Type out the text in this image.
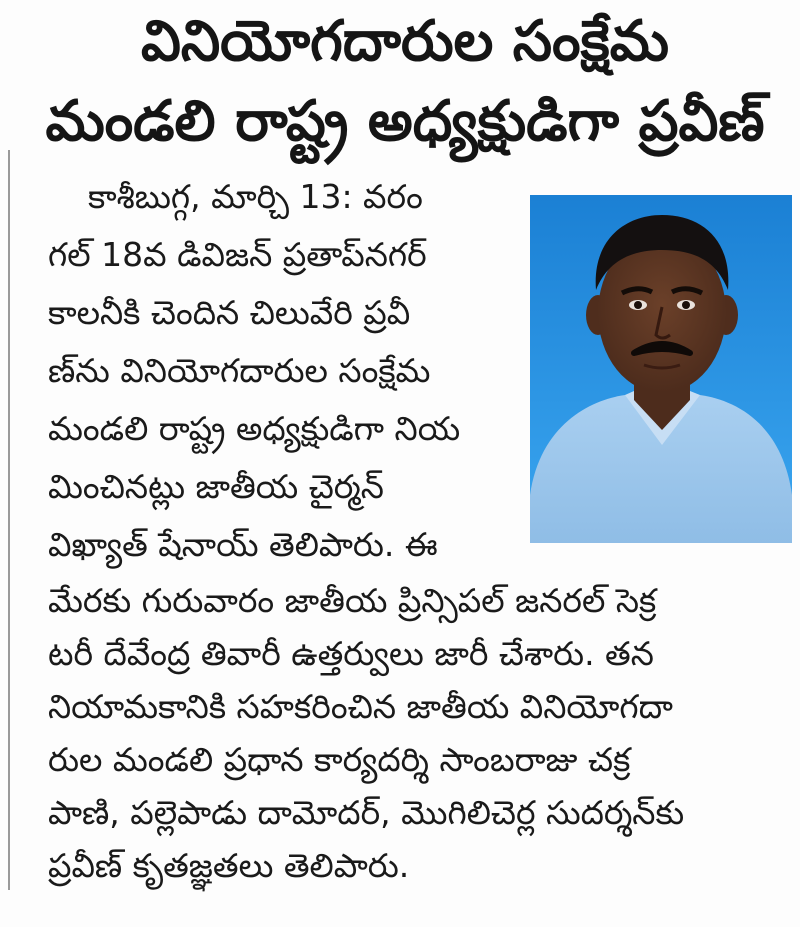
వినియోగదారుల సంక్షేమ
మండలి రాష్ట్ర అధ్యక్షుడిగా ప్రవీణ్
కాశీబుగ్గ, మార్చి 13: వరం
గల్ 18వ డివిజన్ ప్రతాప్‌నగర్
కాలనీకి చెందిన చిలువేరి ప్రవీ
ణ్‌ను వినియోగదారుల సంక్షేమ
మండలి రాష్ట్ర అధ్యక్షుడిగా నియ
మించినట్లు జాతీయ చైర్మన్
విఖ్యాత్ షేనాయ్ తెలిపారు. ఈ
మేరకు గురువారం జాతీయ ప్రిన్సిపల్ జనరల్ సెక్ర
టరీ దేవేంద్ర తివారీ ఉత్తర్వులు జారీ చేశారు. తన
నియామకానికి సహకరించిన జాతీయ వినియోగదా
రుల మండలి ప్రధాన కార్యదర్శి సాంబరాజు చక్ర
పాణి, పల్లెపాడు దామోదర్, మొగిలిచెర్ల సుదర్శన్‌కు
ప్రవీణ్ కృతజ్ఞతలు తెలిపారు.
